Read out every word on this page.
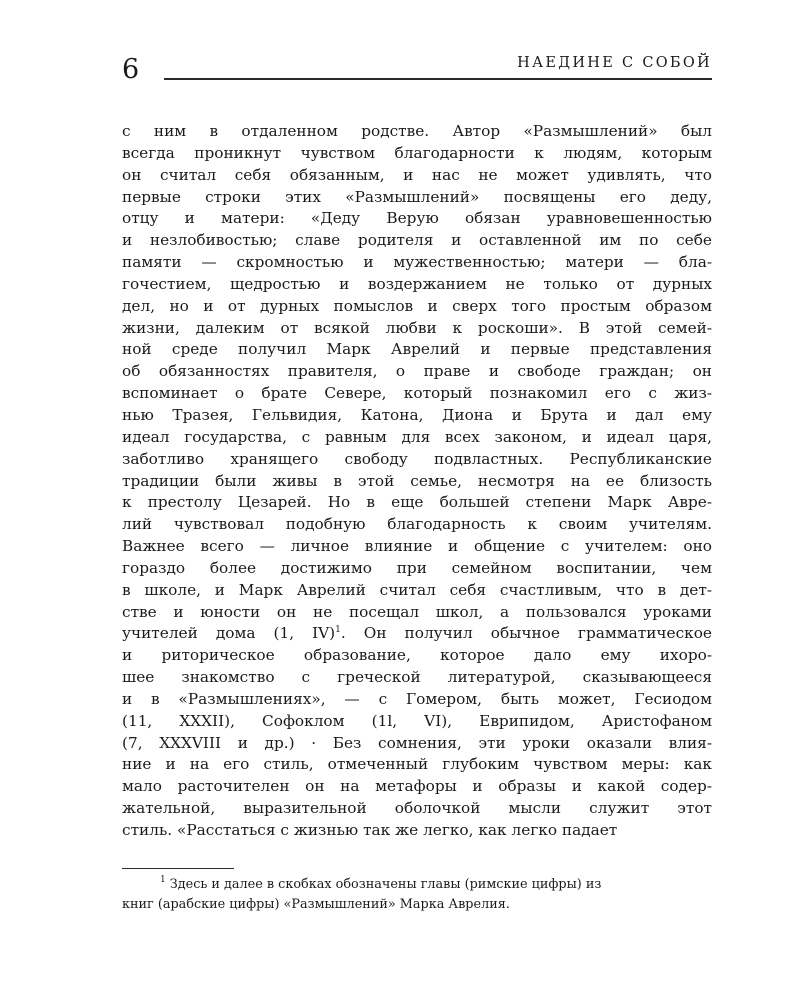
6	НАЕДИНЕ С СОБОЙ
с ним в отдаленном родстве. Автор «Размышлений» был
всегда проникнут чувством благодарности к людям, которым
он считал себя обязанным, и нас не может удивлять, что
первые строки этих «Размышлений» посвящены его деду,
отцу и матери: «Деду Верую обязан уравновешенностью
и незлобивостью; славе родителя и оставленной им по себе
памяти — скромностью и мужественностью; матери — бла-
гочестием, щедростью и воздержанием не только от дурных
дел, но и от дурных помыслов и сверх того простым образом
жизни, далеким от всякой любви к роскоши». В этой семей-
ной среде получил Марк Аврелий и первые представления
об обязанностях правителя, о праве и свободе граждан; он
вспоминает о брате Севере, который познакомил его с жиз-
нью Тразея, Гельвидия, Катона, Диона и Брута и дал ему
идеал государства, с равным для всех законом, и идеал царя,
заботливо хранящего свободу подвластных. Республиканские
традиции были живы в этой семье, несмотря на ее близость
к престолу Цезарей. Но в еще большей степени Марк Авре-
лий чувствовал подобную благодарность к своим учителям.
Важнее всего — личное влияние и общение с учителем: оно
гораздо более достижимо при семейном воспитании, чем
в школе, и Марк Аврелий считал себя счастливым, что в дет-
стве и юности он не посещал школ, а пользовался уроками
учителей дома (1, IV)$^1$. Он получил обычное грамматическое
и риторическое образование, которое дало ему ихоро-
шее знакомство с греческой литературой, сказывающееся
и в «Размышлениях», — с Гомером, быть может, Гесиодом
(11, XXXII), Софоклом (1l, VI), Еврипидом, Аристофаном
(7, XXXVIII и др.) · Без сомнения, эти уроки оказали влия-
ние и на его стиль, отмеченный глубоким чувством меры: как
мало расточителен он на метафоры и образы и какой содер-
жательной, выразительной оболочкой мысли служит этот
стиль. «Расстаться с жизнью так же легко, как легко падает
$^1$ Здесь и далее в скобках обозначены главы (римские цифры) из
книг (арабские цифры) «Размышлений» Марка Аврелия.
